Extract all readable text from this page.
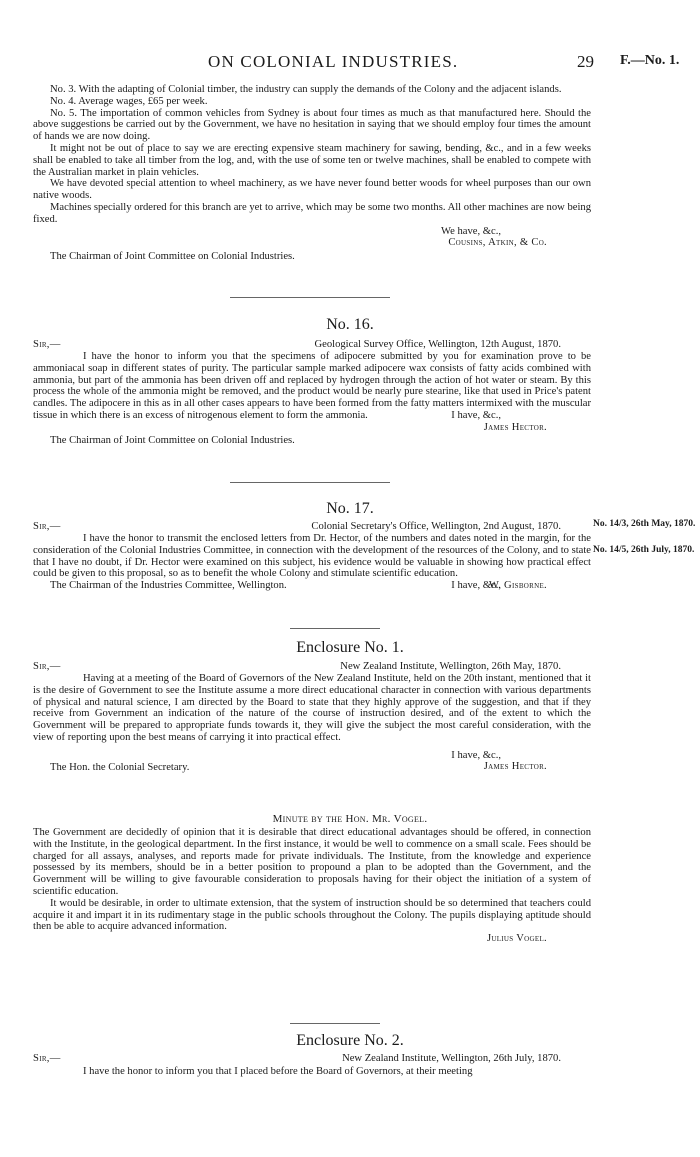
ON COLONIAL INDUSTRIES.	29 F.—No. 1.

No. 3. With the adapting of Colonial timber, the industry can supply the demands of the Colony and the adjacent islands.

No. 4. Average wages, £65 per week.

No. 5. The importation of common vehicles from Sydney is about four times as much as that manufactured here. Should the above suggestions be carried out by the Government, we have no hesitation in saying that we should employ four times the amount of hands we are now doing.

It might not be out of place to say we are erecting expensive steam machinery for sawing, bending, &c., and in a few weeks shall be enabled to take all timber from the log, and, with the use of some ten or twelve machines, shall be enabled to compete with the Australian market in plain vehicles.

We have devoted special attention to wheel machinery, as we have never found better woods for wheel purposes than our own native woods.

Machines specially ordered for this branch are yet to arrive, which may be some two months. All other machines are now being fixed.

We have, &c.,

Cousins, Atkin, & Co.

The Chairman of Joint Committee on Colonial Industries.

No. 16.
Sir,—	Geological Survey Office, Wellington, 12th August, 1870.

I have the honor to inform you that the specimens of adipocere submitted by you for examination prove to be ammoniacal soap in different states of purity. The particular sample marked adipocere wax consists of fatty acids combined with ammonia, but part of the ammonia has been driven off and replaced by hydrogen through the action of hot water or steam. By this process the whole of the ammonia might be removed, and the product would be nearly pure stearine, like that used in Price's patent candles. The adipocere in this as in all other cases appears to have been formed from the fatty matters intermixed with the muscular tissue in which there is an excess of nitrogenous element to form the ammonia.	I have, &c.,

James Hector.

The Chairman of Joint Committee on Colonial Industries.

No. 17.
Sir,—	Colonial Secretary's Office, Wellington, 2nd August, 1870.	No. 14/3, 26th May, 1870.
No. 14/5, 26th July, 1870.

I have the honor to transmit the enclosed letters from Dr. Hector, of the numbers and dates noted in the margin, for the consideration of the Colonial Industries Committee, in connection with the development of the resources of the Colony, and to state that I have no doubt, if Dr. Hector were examined on this subject, his evidence would be valuable in showing how practical effect could be given to this proposal, so as to benefit the whole Colony and stimulate scientific education.

I have, &c.,

The Chairman of the Industries Committee, Wellington.	W. Gisborne.

Enclosure No. 1.
Sir,—	New Zealand Institute, Wellington, 26th May, 1870.

Having at a meeting of the Board of Governors of the New Zealand Institute, held on the 20th instant, mentioned that it is the desire of Government to see the Institute assume a more direct educational character in connection with various departments of physical and natural science, I am directed by the Board to state that they highly approve of the suggestion, and that if they receive from Government an indication of the nature of the course of instruction desired, and of the extent to which the Government will be prepared to appropriate funds towards it, they will give the subject the most careful consideration, with the view of reporting upon the best means of carrying it into practical effect.

I have, &c.,

The Hon. the Colonial Secretary.	James Hector.

Minute by the Hon. Mr. Vogel.

The Government are decidedly of opinion that it is desirable that direct educational advantages should be offered, in connection with the Institute, in the geological department. In the first instance, it would be well to commence on a small scale. Fees should be charged for all assays, analyses, and reports made for private individuals. The Institute, from the knowledge and experience possessed by its members, should be in a better position to propound a plan to be adopted than the Government, and the Government will be willing to give favourable consideration to proposals having for their object the initiation of a system of scientific education.

It would be desirable, in order to ultimate extension, that the system of instruction should be so determined that teachers could acquire it and impart it in its rudimentary stage in the public schools throughout the Colony. The pupils displaying aptitude should then be able to acquire advanced information.

Julius Vogel.

Enclosure No. 2.
Sir,—	New Zealand Institute, Wellington, 26th July, 1870.

I have the honor to inform you that I placed before the Board of Governors, at their meeting
